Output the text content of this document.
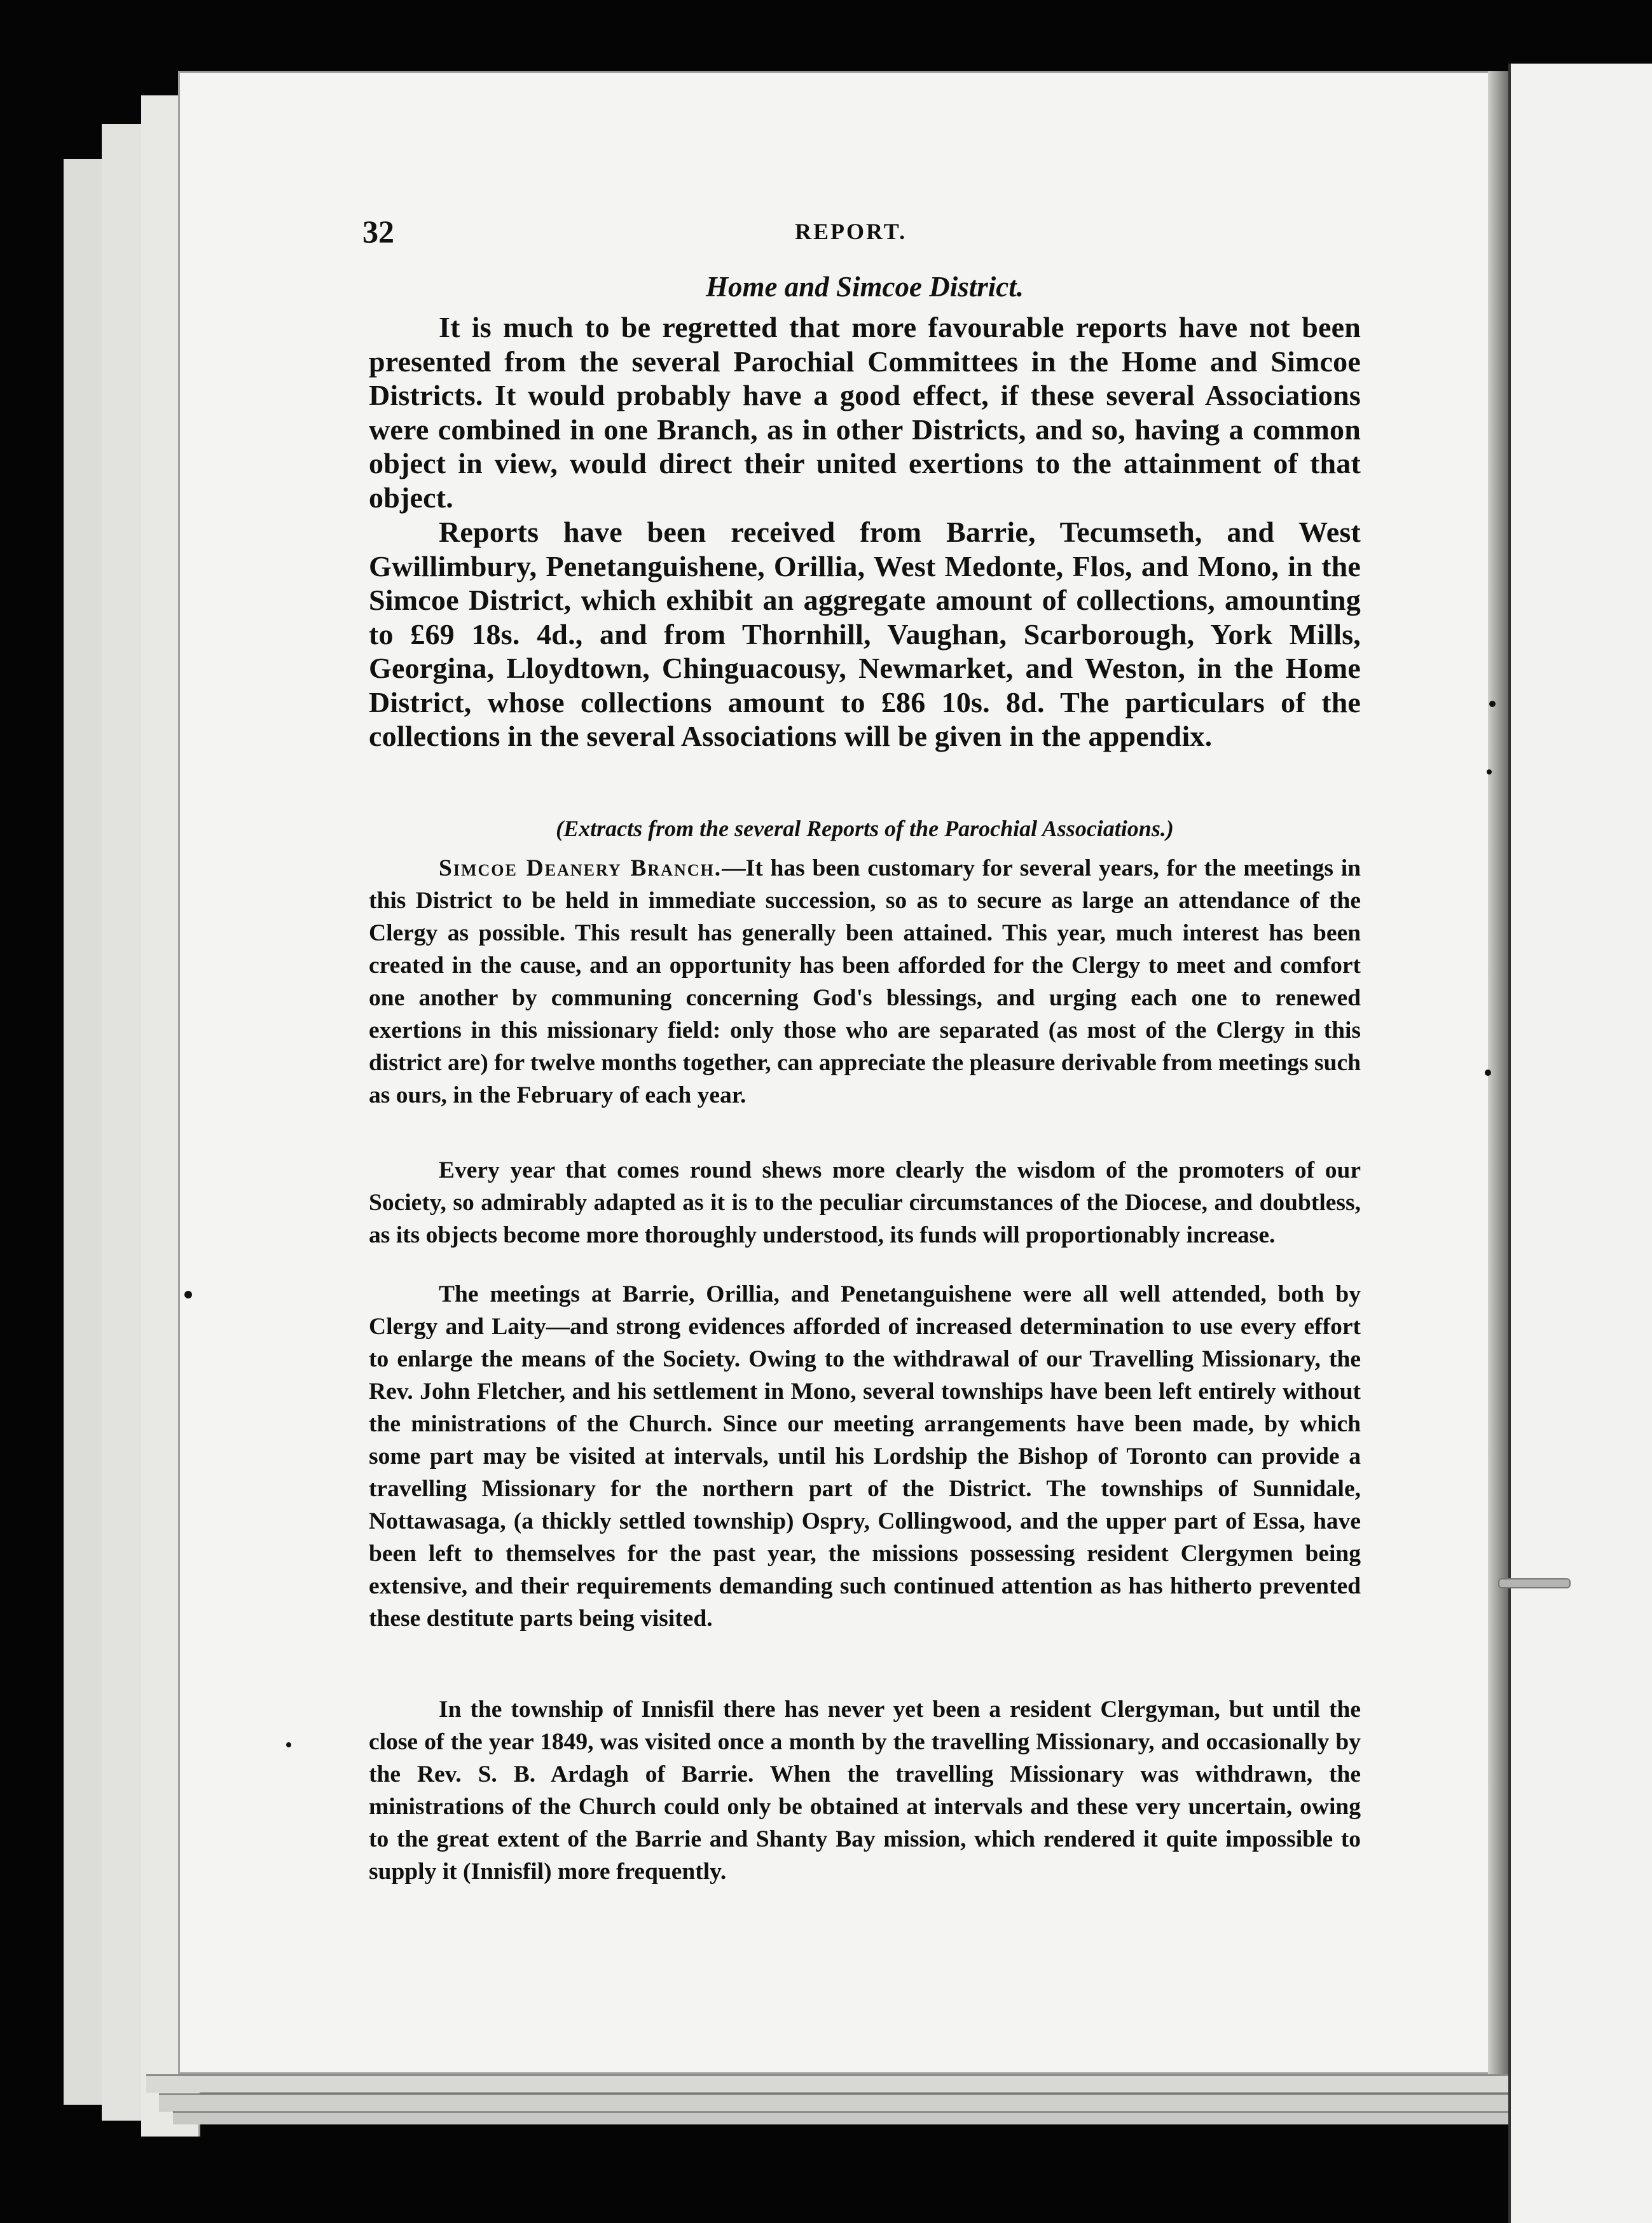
32	REPORT.
Home and Simcoe District.

It is much to be regretted that more favourable reports have not been presented from the several Parochial Committees in the Home and Simcoe Districts. It would probably have a good effect, if these several Associations were combined in one Branch, as in other Districts, and so, having a common object in view, would direct their united exertions to the attainment of that object.

Reports have been received from Barrie, Tecumseth, and West Gwillimbury, Penetanguishene, Orillia, West Medonte, Flos, and Mono, in the Simcoe District, which exhibit an aggregate amount of collections, amounting to £69 18s. 4d., and from Thornhill, Vaughan, Scarborough, York Mills, Georgina, Lloydtown, Chinguacousy, Newmarket, and Weston, in the Home District, whose collections amount to £86 10s. 8d. The particulars of the collections in the several Associations will be given in the appendix.

(Extracts from the several Reports of the Parochial Associations.)

Simcoe Deanery Branch.—It has been customary for several years, for the meetings in this District to be held in immediate succession, so as to secure as large an attendance of the Clergy as possible. This result has generally been attained. This year, much interest has been created in the cause, and an opportunity has been afforded for the Clergy to meet and comfort one another by communing concerning God's blessings, and urging each one to renewed exertions in this missionary field: only those who are separated (as most of the Clergy in this district are) for twelve months together, can appreciate the pleasure derivable from meetings such as ours, in the February of each year.

Every year that comes round shews more clearly the wisdom of the promoters of our Society, so admirably adapted as it is to the peculiar circumstances of the Diocese, and doubtless, as its objects become more thoroughly understood, its funds will proportionably increase.

The meetings at Barrie, Orillia, and Penetanguishene were all well attended, both by Clergy and Laity—and strong evidences afforded of increased determination to use every effort to enlarge the means of the Society. Owing to the withdrawal of our Travelling Missionary, the Rev. John Fletcher, and his settlement in Mono, several townships have been left entirely without the ministrations of the Church. Since our meeting arrangements have been made, by which some part may be visited at intervals, until his Lordship the Bishop of Toronto can provide a travelling Missionary for the northern part of the District. The townships of Sunnidale, Nottawasaga, (a thickly settled township) Ospry, Collingwood, and the upper part of Essa, have been left to themselves for the past year, the missions possessing resident Clergymen being extensive, and their requirements demanding such continued attention as has hitherto prevented these destitute parts being visited.

In the township of Innisfil there has never yet been a resident Clergyman, but until the close of the year 1849, was visited once a month by the travelling Missionary, and occasionally by the Rev. S. B. Ardagh of Barrie. When the travelling Missionary was withdrawn, the ministrations of the Church could only be obtained at intervals and these very uncertain, owing to the great extent of the Barrie and Shanty Bay mission, which rendered it quite impossible to supply it (Innisfil) more frequently.
